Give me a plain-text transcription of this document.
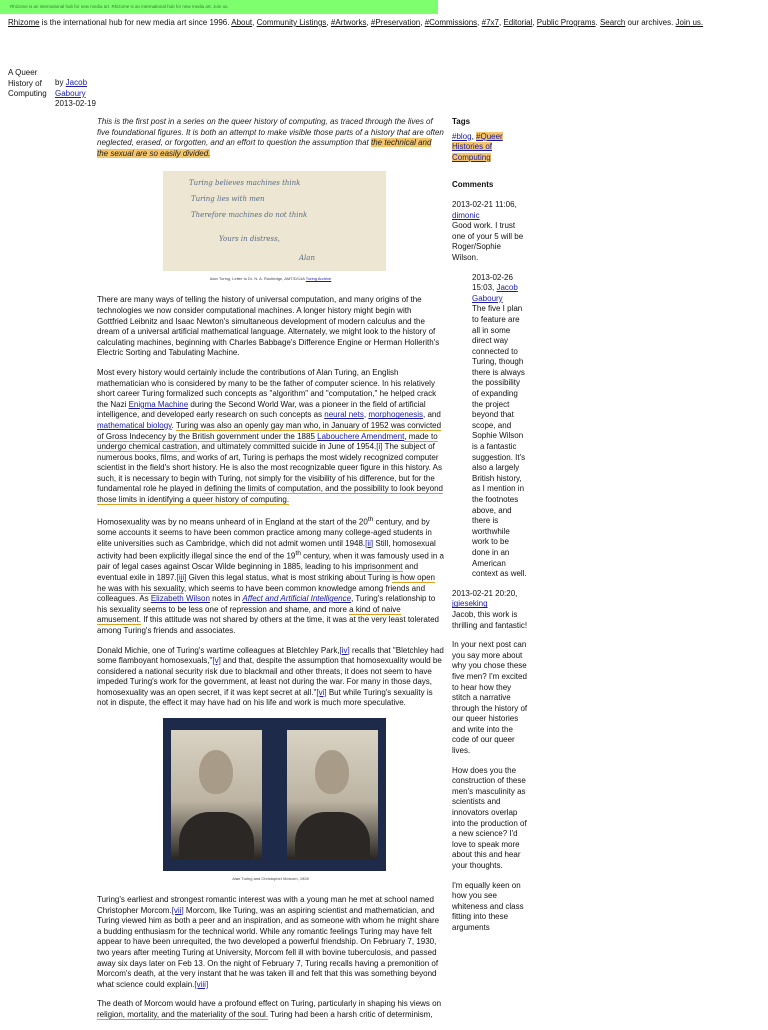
Rhizome is an international hub for new media art. Rhizome is an international hub for new media art. Join us.
Rhizome is the international hub for new media art since 1996. About, Community Listings, #Artworks, #Preservation, #Commissions, #7x7, Editorial, Public Programs. Search our archives. Join us.
A Queer History of Computing
by Jacob Gaboury
2013-02-19

This is the first post in a series on the queer history of computing, as traced through the lives of five foundational figures. It is both an attempt to make visible those parts of a history that are often neglected, erased, or forgotten, and an effort to question the assumption that the technical and the sexual are so easily divided.

Turing believes machines think
Turing lies with men
Therefore machines do not think
Yours in distress,
Alan
Alan Turing, Letter to Dr. N. A. Routledge, AMT/D/14A Turing Archive

There are many ways of telling the history of universal computation, and many origins of the technologies we now consider computational machines. A longer history might begin with Gottfried Leibnitz and Isaac Newton's simultaneous development of modern calculus and the dream of a universal artificial mathematical language. Alternately, we might look to the history of calculating machines, beginning with Charles Babbage's Difference Engine or Herman Hollerith's Electric Sorting and Tabulating Machine.

Most every history would certainly include the contributions of Alan Turing, an English mathematician who is considered by many to be the father of computer science. In his relatively short career Turing formalized such concepts as "algorithm" and "computation," he helped crack the Nazi Enigma Machine during the Second World War, was a pioneer in the field of artificial intelligence, and developed early research on such concepts as neural nets, morphogenesis, and mathematical biology. Turing was also an openly gay man who, in January of 1952 was convicted of Gross Indecency by the British government under the 1885 Labouchere Amendment, made to undergo chemical castration, and ultimately committed suicide in June of 1954.[i] The subject of numerous books, films, and works of art, Turing is perhaps the most widely recognized computer scientist in the field's short history. He is also the most recognizable queer figure in this history. As such, it is necessary to begin with Turing, not simply for the visibility of his difference, but for the fundamental role he played in defining the limits of computation, and the possibility to look beyond those limits in identifying a queer history of computing.

Homosexuality was by no means unheard of in England at the start of the 20th century, and by some accounts it seems to have been common practice among many college-aged students in elite universities such as Cambridge, which did not admit women until 1948.[ii] Still, homosexual activity had been explicitly illegal since the end of the 19th century, when it was famously used in a pair of legal cases against Oscar Wilde beginning in 1885, leading to his imprisonment and eventual exile in 1897.[iii] Given this legal status, what is most striking about Turing is how open he was with his sexuality, which seems to have been common knowledge among friends and colleagues. As Elizabeth Wilson notes in Affect and Artificial Intelligence, Turing's relationship to his sexuality seems to be less one of repression and shame, and more a kind of naive amusement. If this attitude was not shared by others at the time, it was at the very least tolerated among Turing's friends and associates.

Donald Michie, one of Turing's wartime colleagues at Bletchley Park,[iv] recalls that "Bletchley had some flamboyant homosexuals,"[v] and that, despite the assumption that homosexuality would be considered a national security risk due to blackmail and other threats, it does not seem to have impeded Turing's work for the government, at least not during the war. For many in those days, homosexuality was an open secret, if it was kept secret at all."[vi] But while Turing's sexuality is not in dispute, the effect it may have had on his life and work is much more speculative.

Alan Turing and Christopher Morcom, 1928

Turing's earliest and strongest romantic interest was with a young man he met at school named Christopher Morcom.[vii] Morcom, like Turing, was an aspiring scientist and mathematician, and Turing viewed him as both a peer and an inspiration, and as someone with whom he might share a budding enthusiasm for the technical world. While any romantic feelings Turing may have felt appear to have been unrequited, the two developed a powerful friendship. On February 7, 1930, two years after meeting Turing at University, Morcom fell ill with bovine tuberculosis, and passed away six days later on Feb 13. On the night of February 7, Turing recalls having a premonition of Morcom's death, at the very instant that he was taken ill and felt that this was something beyond what science could explain.[viii]

The death of Morcom would have a profound effect on Turing, particularly in shaping his views on religion, mortality, and the materiality of the soul. Turing had been a harsh critic of determinism,

Tags
#blog, #Queer Histories of Computing
Comments
2013-02-21 11:06, dimonic
Good work. I trust one of your 5 will be Roger/Sophie Wilson.
2013-02-26 15:03, Jacob Gaboury
The five I plan to feature are all in some direct way connected to Turing, though there is always the possibility of expanding the project beyond that scope, and Sophie Wilson is a fantastic suggestion. It's also a largely British history, as I mention in the footnotes above, and there is worthwhile work to be done in an American context as well.
2013-02-21 20:20, jgieseking
Jacob, this work is thrilling and fantastic!
In your next post can you say more about why you chose these five men? I'm excited to hear how they stitch a narrative through the history of our queer histories and write into the code of our queer lives.
How does you the construction of these men's masculinity as scientists and innovators overlap into the production of a new science? I'd love to speak more about this and hear your thoughts.
I'm equally keen on how you see whiteness and class fitting into these arguments
